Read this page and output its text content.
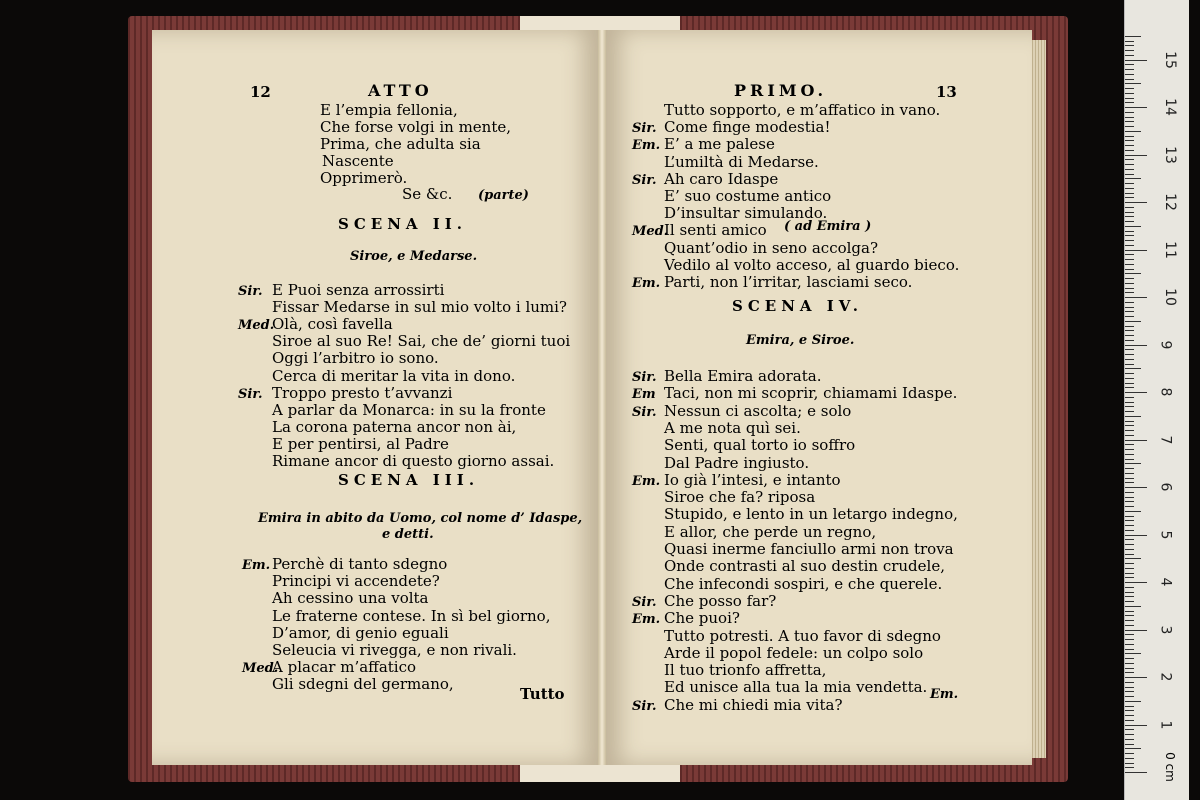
12	ATTO
E l’empia fellonia,
Che forse volgi in mente,
Prima, che adulta sia
Nascente
Opprimerò.
Se &c. (parte)
SCENA II.
Siroe, e Medarse.
Sir. E Puoi senza arrossirti
Fissar Medarse in sul mio volto i lumi?
Med.
Olà, così favella
Siroe al suo Re! Sai, che de’ giorni tuoi
Oggi l’arbitro io sono.
Cerca di meritar la vita in dono.
Sir. Troppo presto t’avvanzi
A parlar da Monarca: in su la fronte
La corona paterna ancor non ài,
E per pentirsi, al Padre
Rimane ancor di questo giorno assai.
SCENA III.
Emira in abito da Uomo, col nome d’ Idaspe,
e detti.
Em. Perchè di tanto sdegno
Principi vi accendete?
Ah cessino una volta
Le fraterne contese. In sì bel giorno,
D’amor, di genio eguali
Seleucia vi rivegga, e non rivali.
Med.
A placar m’affatico
Gli sdegni del germano,
Tutto
PRIMO.	13
Tutto sopporto, e m’affatico in vano.
Sir. Come finge modestia!
Em. E’ a me palese
L’umiltà di Medarse.
Sir. Ah caro Idaspe
E’ suo costume antico
D’insultar simulando.
Med.
Il senti amico
Quant’odio in seno accolga?
Vedilo al volto acceso, al guardo bieco.
Em. Parti, non l’irritar, lasciami seco.
( ad Emira )
SCENA IV.
Emira, e Siroe.
Sir. Bella Emira adorata.
Em Taci, non mi scoprir, chiamami Idaspe.
Sir. Nessun ci ascolta; e solo
A me nota quì sei.
Senti, qual torto io soffro
Dal Padre ingiusto.
Em. Io già l’intesi, e intanto
Siroe che fa? riposa
Stupido, e lento in un letargo indegno,
E allor, che perde un regno,
Quasi inerme fanciullo armi non trova
Onde contrasti al suo destin crudele,
Che infecondi sospiri, e che querele.
Sir. Che posso far?
Em. Che puoi?
Tutto potresti. A tuo favor di sdegno
Arde il popol fedele: un colpo solo
Il tuo trionfo affretta,
Ed unisce alla tua la mia vendetta.
Sir. Che mi chiedi mia vita?
Em.
1
2
3
4
5
6
7
8
9
10
11
12
13
14
15
0 cm
